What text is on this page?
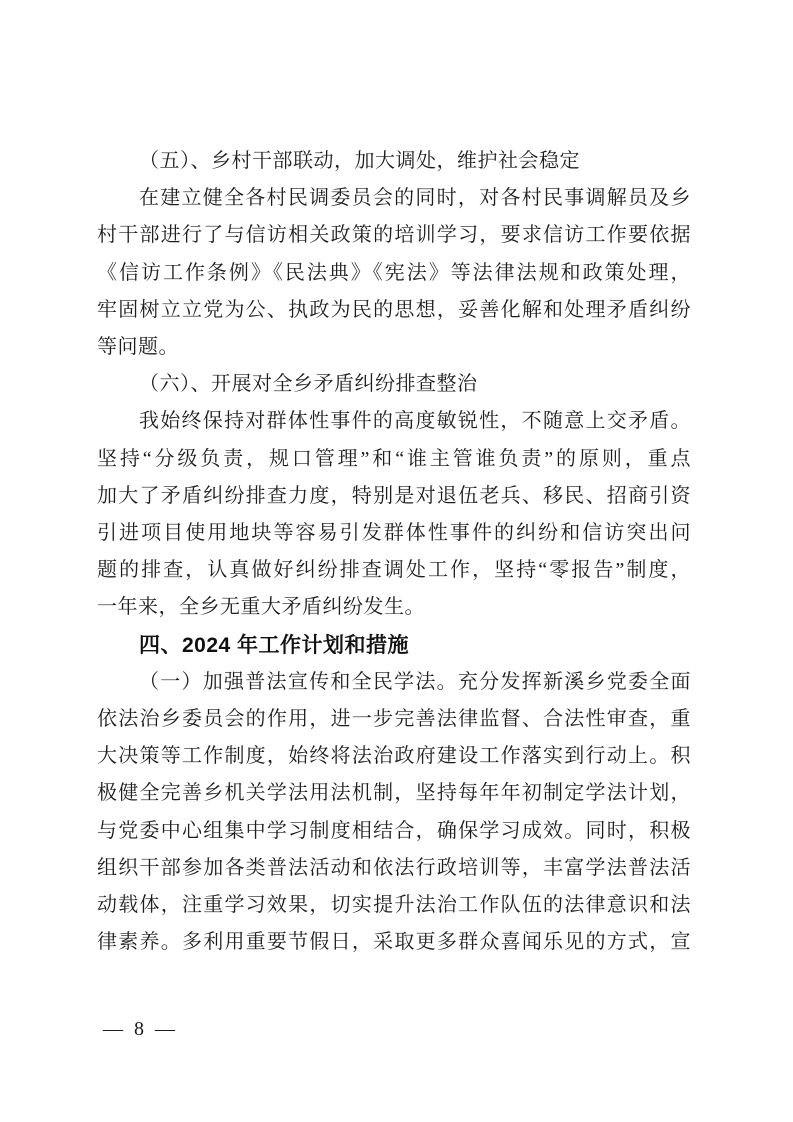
（五）、乡村干部联动，加大调处，维护社会稳定
在建立健全各村民调委员会的同时，对各村民事调解员及乡
村干部进行了与信访相关政策的培训学习，要求信访工作要依据
《信访工作条例》《民法典》《宪法》等法律法规和政策处理，
牢固树立立党为公、执政为民的思想，妥善化解和处理矛盾纠纷
等问题。
（六）、开展对全乡矛盾纠纷排查整治
我始终保持对群体性事件的高度敏锐性，不随意上交矛盾。
坚持“分级负责，规口管理”和“谁主管谁负责”的原则，重点
加大了矛盾纠纷排查力度，特别是对退伍老兵、移民、招商引资
引进项目使用地块等容易引发群体性事件的纠纷和信访突出问
题的排查，认真做好纠纷排查调处工作，坚持“零报告”制度，
一年来，全乡无重大矛盾纠纷发生。
四、2024 年工作计划和措施
（一）加强普法宣传和全民学法。充分发挥新溪乡党委全面
依法治乡委员会的作用，进一步完善法律监督、合法性审查，重
大决策等工作制度，始终将法治政府建设工作落实到行动上。积
极健全完善乡机关学法用法机制，坚持每年年初制定学法计划，
与党委中心组集中学习制度相结合，确保学习成效。同时，积极
组织干部参加各类普法活动和依法行政培训等，丰富学法普法活
动载体，注重学习效果，切实提升法治工作队伍的法律意识和法
律素养。多利用重要节假日，采取更多群众喜闻乐见的方式，宣
— 8 —
